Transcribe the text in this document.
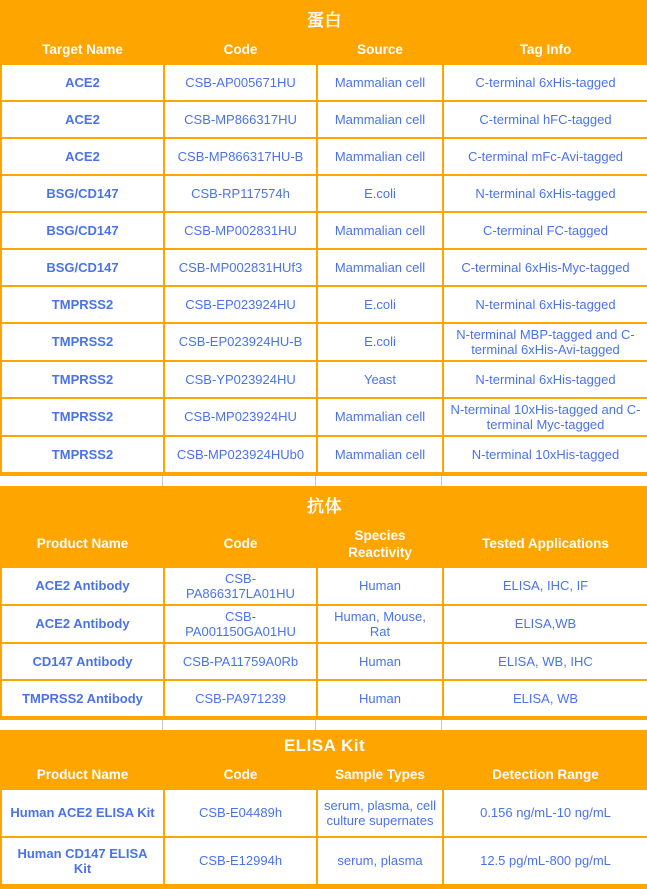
蛋白			
Target Name	Code	Source	Tag Info
ACE2	CSB-AP005671HU	Mammalian cell	C-terminal 6xHis-tagged
ACE2	CSB-MP866317HU	Mammalian cell	C-terminal hFC-tagged
ACE2	CSB-MP866317HU-B	Mammalian cell	C-terminal mFc-Avi-tagged
BSG/CD147	CSB-RP117574h	E.coli	N-terminal 6xHis-tagged
BSG/CD147	CSB-MP002831HU	Mammalian cell	C-terminal FC-tagged
BSG/CD147	CSB-MP002831HUf3	Mammalian cell	C-terminal 6xHis-Myc-tagged
TMPRSS2	CSB-EP023924HU	E.coli	N-terminal 6xHis-tagged
TMPRSS2	CSB-EP023924HU-B	E.coli	N-terminal MBP-tagged and C-terminal 6xHis-Avi-tagged
TMPRSS2	CSB-YP023924HU	Yeast	N-terminal 6xHis-tagged
TMPRSS2	CSB-MP023924HU	Mammalian cell	N-terminal 10xHis-tagged and C-terminal Myc-tagged
TMPRSS2	CSB-MP023924HUb0	Mammalian cell	N-terminal 10xHis-tagged
抗体			
Product Name	Code	Species Reactivity	Tested Applications
ACE2 Antibody	CSB-PA866317LA01HU	Human	ELISA, IHC, IF
ACE2 Antibody	CSB-PA001150GA01HU	Human, Mouse, Rat	ELISA,WB
CD147 Antibody	CSB-PA11759A0Rb	Human	ELISA, WB, IHC
TMPRSS2 Antibody	CSB-PA971239	Human	ELISA, WB
ELISA Kit			
Product Name	Code	Sample Types	Detection Range
Human ACE2 ELISA Kit	CSB-E04489h	serum, plasma, cell culture supernates	0.156 ng/mL-10 ng/mL
Human CD147 ELISA Kit	CSB-E12994h	serum, plasma	12.5 pg/mL-800 pg/mL
